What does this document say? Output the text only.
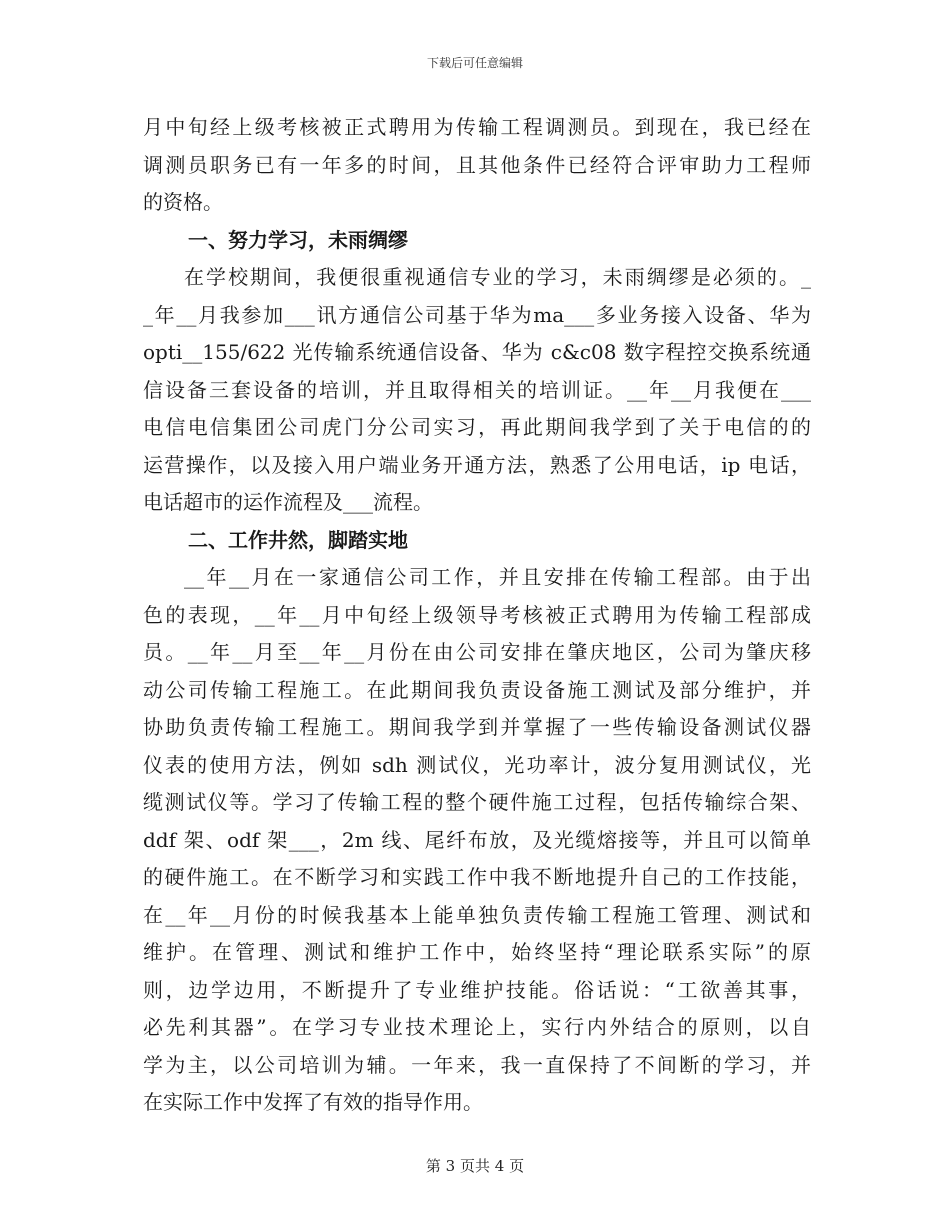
下载后可任意编辑
月中旬经上级考核被正式聘用为传输工程调测员。到现在，我已经在
调测员职务已有一年多的时间，且其他条件已经符合评审助力工程师
的资格。
一、努力学习，未雨绸缪
在学校期间，我便很重视通信专业的学习，未雨绸缪是必须的。_
_年__月我参加___讯方通信公司基于华为ma___多业务接入设备、华为
opti__155/622 光传输系统通信设备、华为 c&c08 数字程控交换系统通
信设备三套设备的培训，并且取得相关的培训证。__年__月我便在___
电信电信集团公司虎门分公司实习，再此期间我学到了关于电信的的
运营操作，以及接入用户端业务开通方法，熟悉了公用电话，ip 电话，
电话超市的运作流程及___流程。
二、工作井然，脚踏实地
__年__月在一家通信公司工作，并且安排在传输工程部。由于出
色的表现，__年__月中旬经上级领导考核被正式聘用为传输工程部成
员。__年__月至__年__月份在由公司安排在肇庆地区，公司为肇庆移
动公司传输工程施工。在此期间我负责设备施工测试及部分维护，并
协助负责传输工程施工。期间我学到并掌握了一些传输设备测试仪器
仪表的使用方法，例如 sdh 测试仪，光功率计，波分复用测试仪，光
缆测试仪等。学习了传输工程的整个硬件施工过程，包括传输综合架、
ddf 架、odf 架___，2m 线、尾纤布放，及光缆熔接等，并且可以简单
的硬件施工。在不断学习和实践工作中我不断地提升自己的工作技能，
在__年__月份的时候我基本上能单独负责传输工程施工管理、测试和
维护。在管理、测试和维护工作中，始终坚持“理论联系实际”的原
则，边学边用，不断提升了专业维护技能。俗话说：“工欲善其事，
必先利其器”。在学习专业技术理论上，实行内外结合的原则，以自
学为主，以公司培训为辅。一年来，我一直保持了不间断的学习，并
在实际工作中发挥了有效的指导作用。
第 3 页共 4 页
